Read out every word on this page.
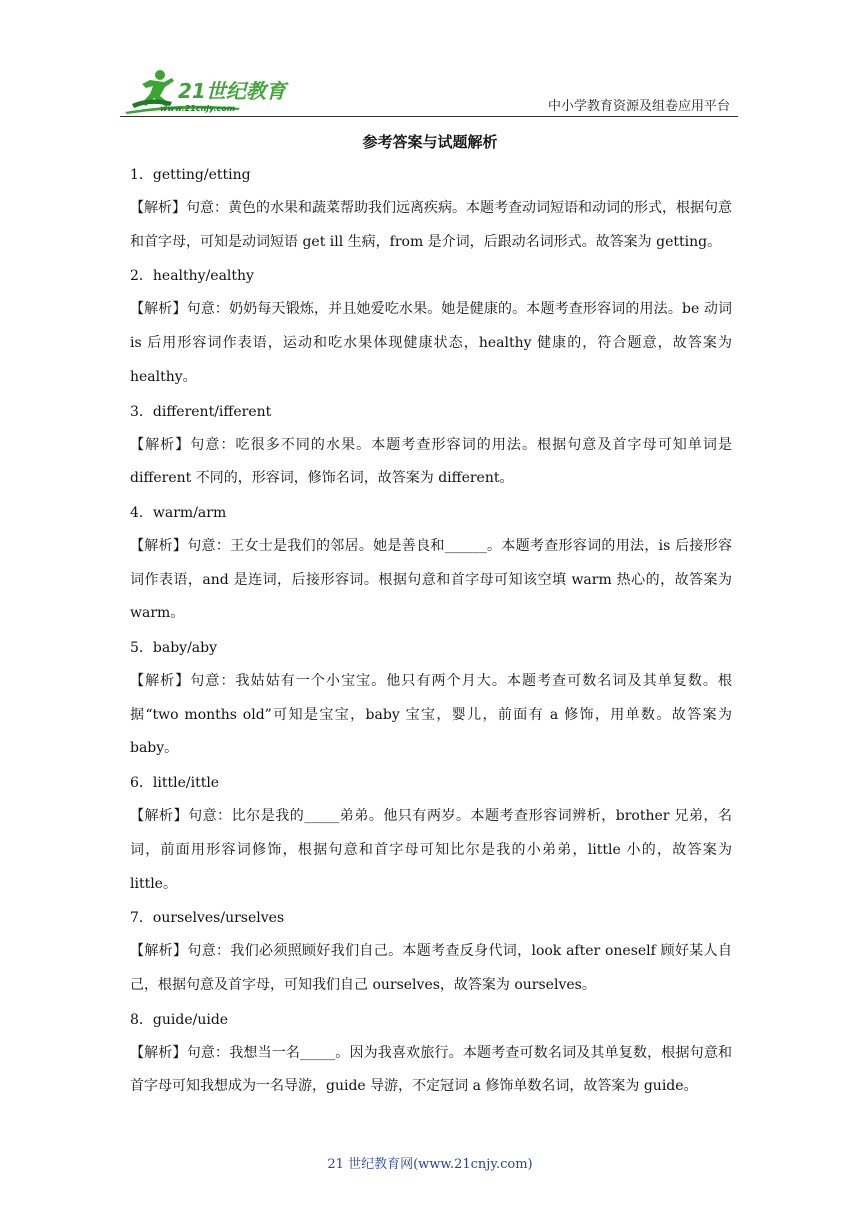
21世纪教育
www.21cnjy.com	中小学教育资源及组卷应用平台
参考答案与试题解析
1．getting/etting

【解析】句意：黄色的水果和蔬菜帮助我们远离疾病。本题考查动词短语和动词的形式，根据句意和首字母，可知是动词短语 get ill 生病，from 是介词，后跟动名词形式。故答案为 getting。

2．healthy/ealthy

【解析】句意：奶奶每天锻炼，并且她爱吃水果。她是健康的。本题考查形容词的用法。be 动词 is 后用形容词作表语，运动和吃水果体现健康状态，healthy 健康的，符合题意，故答案为 healthy。

3．different/ifferent

【解析】句意：吃很多不同的水果。本题考查形容词的用法。根据句意及首字母可知单词是 different 不同的，形容词，修饰名词，故答案为 different。

4．warm/arm

【解析】句意：王女士是我们的邻居。她是善良和______。本题考查形容词的用法，is 后接形容词作表语，and 是连词，后接形容词。根据句意和首字母可知该空填 warm 热心的，故答案为 warm。

5．baby/aby

【解析】句意：我姑姑有一个小宝宝。他只有两个月大。本题考查可数名词及其单复数。根据“two months old”可知是宝宝，baby 宝宝，婴儿，前面有 a 修饰，用单数。故答案为 baby。

6．little/ittle

【解析】句意：比尔是我的_____弟弟。他只有两岁。本题考查形容词辨析，brother 兄弟，名词，前面用形容词修饰，根据句意和首字母可知比尔是我的小弟弟，little 小的，故答案为 little。

7．ourselves/urselves

【解析】句意：我们必须照顾好我们自己。本题考查反身代词，look after oneself 顾好某人自己，根据句意及首字母，可知我们自己 ourselves，故答案为 ourselves。

8．guide/uide

【解析】句意：我想当一名_____。因为我喜欢旅行。本题考查可数名词及其单复数，根据句意和首字母可知我想成为一名导游，guide 导游，不定冠词 a 修饰单数名词，故答案为 guide。

21 世纪教育网(www.21cnjy.com)
